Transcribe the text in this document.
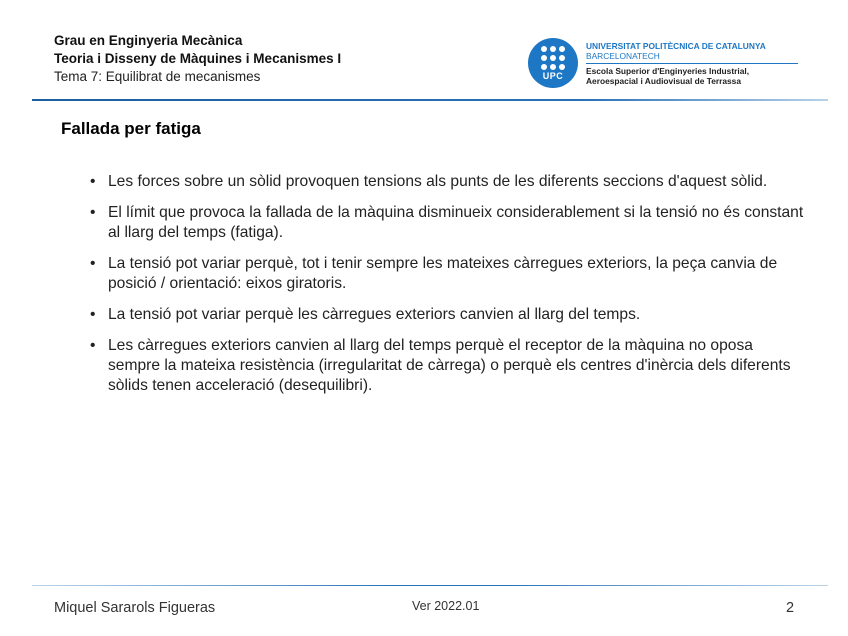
Grau en Enginyeria Mecànica
Teoria i Disseny de Màquines i Mecanismes I
Tema 7: Equilibrat de mecanismes	UPC
UNIVERSITAT POLITÈCNICA DE CATALUNYA
BARCELONATECH
Escola Superior d'Enginyeries Industrial,
Aeroespacial i Audiovisual de Terrassa
Fallada per fatiga
• Les forces sobre un sòlid provoquen tensions als punts de les diferents seccions d'aquest sòlid.
• El límit que provoca la fallada de la màquina disminueix considerablement si la tensió no és constant al llarg del temps (fatiga).
• La tensió pot variar perquè, tot i tenir sempre les mateixes càrregues exteriors, la peça canvia de posició / orientació: eixos giratoris.
• La tensió pot variar perquè les càrregues exteriors canvien al llarg del temps.
• Les càrregues exteriors canvien al llarg del temps perquè el receptor de la màquina no oposa sempre la mateixa resistència (irregularitat de càrrega) o perquè els centres d'inèrcia dels diferents sòlids tenen acceleració (desequilibri).
Miquel Sararols Figueras	Ver 2022.01	2
